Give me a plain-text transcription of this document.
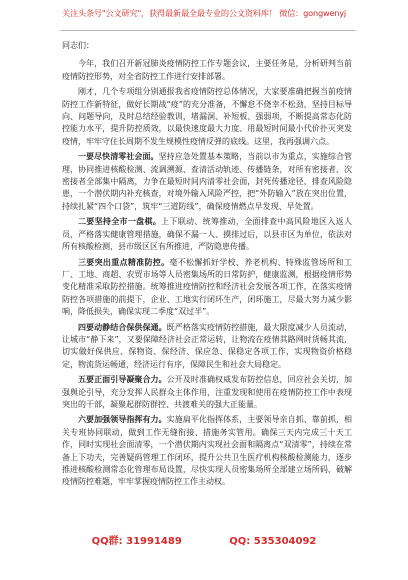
关注头条号"公文研究"，获得最新最全最专业的公文资料库！ 微信：gongwenyj

同志们：

今年，我们召开新冠肺炎疫情防控工作专题会议，主要任务是，分析研判当前疫情防控形势，对全省防控工作进行安排部署。

刚才，几个专项组分别通报我省疫情防控总体情况，大家要准确把握当前疫情防控工作新特征，做好长期战“疫”的充分准备，不懈怠不侥幸不松劲，坚持目标导向、问题导向，及时总结经验教训，堵漏洞、补短板、强弱项，不断提高常态化防控能力水平，提升防控质效，以最快速度最大力度、用最短时间最小代价扑灭突发疫情，牢牢守住长周期不发生规模性疫情反弹的底线。这里，我再强调六点。

一要尽快清零社会面。坚持应急处置基本策略，当前以市为重点，实施综合管理，协同推进核酸检测、流调溯源、查清活动轨迹、传播链条，对所有密接者、次密接者全部集中隔离，力争在最短时间内清零社会面，封死传播途径，排查风险隐患，一个潜伏期内补充核查，对境外输入风险严控，把“外防输入”放在突出位置，持续扎紧“四个口袋”，筑牢“三道防线”，确保疫情燃点早发现、早处置。

二要坚持全市一盘棋。上下联动、统筹推动，全面排查中高风险地区入返人员，严格落实健康管理措施，确保不漏一人、摸排过后，以县市区为单位，依法对所有核酸检测，县市级区区有所推进，严防隐患传播。

三要突出重点精准防控。毫不松懈抓好学校、养老机构、特殊监管场所和工厂、工地、商超、农贸市场等人员密集场所的日常防护，健康监测，根据疫情形势变化精准采取防控措施。统筹推进疫情防控和经济社会发展各项工作，在落实疫情防控各项措施的前提下，企业、工地实行闭环生产，闭环施工，尽最大努力减少影响，降低损失，确保实现二季度“双过半”。

四要动静结合保供保通。既严格落实疫情防控措施，最大限度减少人员流动，让城市“静下来”，又要保障经济社会正常运转，让物流在疫情其路网时货畅其流，切实做好保供应、保物资、保经济、保应急、保稳定各项工作，实现物资价格稳定，物流货运畅通，经济运行有序，保障民生和社会大局稳定。

五要正面引导凝聚合力。公开及时准确权威发布防控信息，回应社会关切，加强舆论引导，充分发挥人民群众主体作用，注重发现和使用在疫情防控工作中表现突出的干部，凝聚起群防群控、共渡难关的强大正能量。

六要加强领导指挥有力。实施扁平化指挥体系，主要领导亲自抓、靠前抓，相关专班协同联动，做到工作无缝衔接、措施务实管用。确保三天内完成三十天工作，同时实现社会面清零，一个潜伏期内实现社会面和隔离点“双清零”，持续在常备上下功夫，完善疑码管理工作闭环，提升公共卫生医疗机构核酸检测能力，逐步推进核酸检测常态化管理布局设置，尽快实现人员密集场所全部建立场所码，破解疫情防控难题，牢牢掌握疫情防控工作主动权。

QQ群: 31991489	QQ: 535304092
